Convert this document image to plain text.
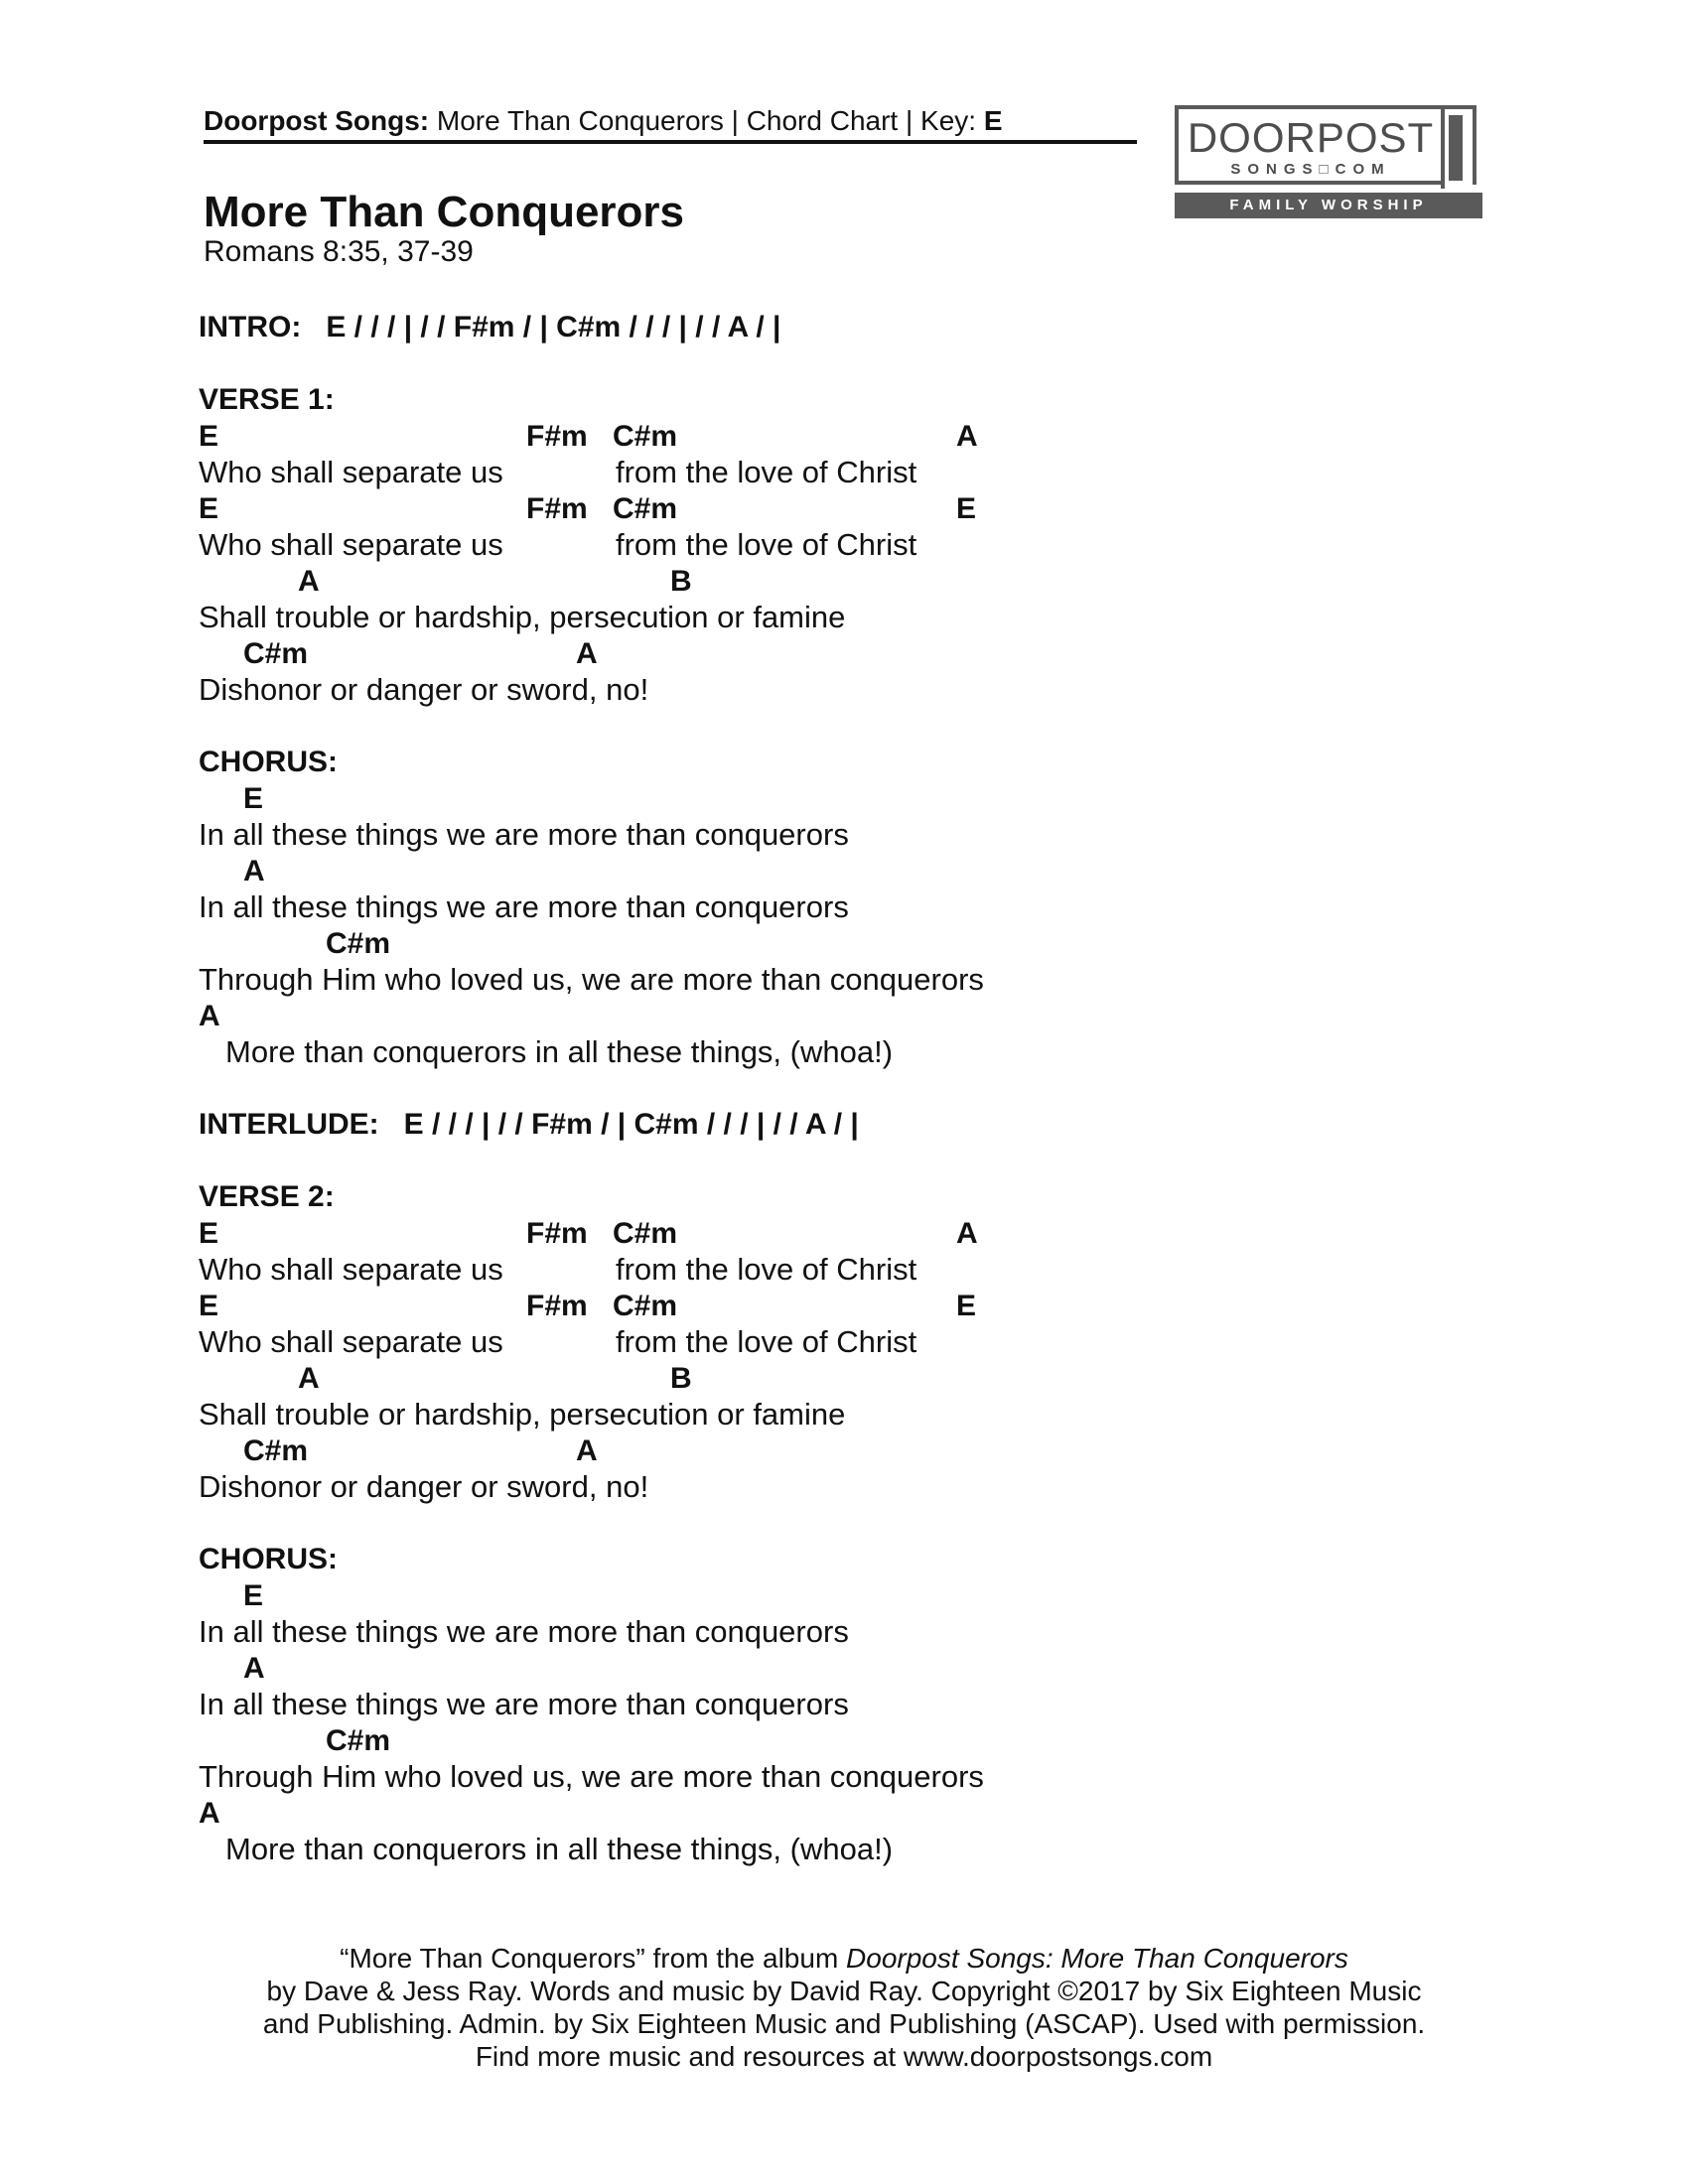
Doorpost Songs: More Than Conquerors | Chord Chart | Key: E	DOORPOST
SONGS□COM
FAMILY WORSHIP
More Than Conquerors
Romans 8:35, 37-39
INTRO:   E / / / | / / F#m / | C#m / / / | / / A / |
VERSE 1:
E	F#m C#m	A
Who shall separate us	from the love of Christ
E	F#m C#m	E
Who shall separate us	from the love of Christ
A	B
Shall trouble or hardship, persecution or famine
C#m	A
Dishonor or danger or sword, no!
CHORUS:
E
In all these things we are more than conquerors
A
In all these things we are more than conquerors
C#m
Through Him who loved us, we are more than conquerors
A
More than conquerors in all these things, (whoa!)
INTERLUDE:   E / / / | / / F#m / | C#m / / / | / / A / |
VERSE 2:
E	F#m C#m	A
Who shall separate us	from the love of Christ
E	F#m C#m	E
Who shall separate us	from the love of Christ
A	B
Shall trouble or hardship, persecution or famine
C#m	A
Dishonor or danger or sword, no!
CHORUS:
E
In all these things we are more than conquerors
A
In all these things we are more than conquerors
C#m
Through Him who loved us, we are more than conquerors
A
More than conquerors in all these things, (whoa!)

“More Than Conquerors” from the album Doorpost Songs: More Than Conquerors

by Dave & Jess Ray. Words and music by David Ray. Copyright ©2017 by Six Eighteen Music

and Publishing. Admin. by Six Eighteen Music and Publishing (ASCAP). Used with permission.

Find more music and resources at www.doorpostsongs.com
